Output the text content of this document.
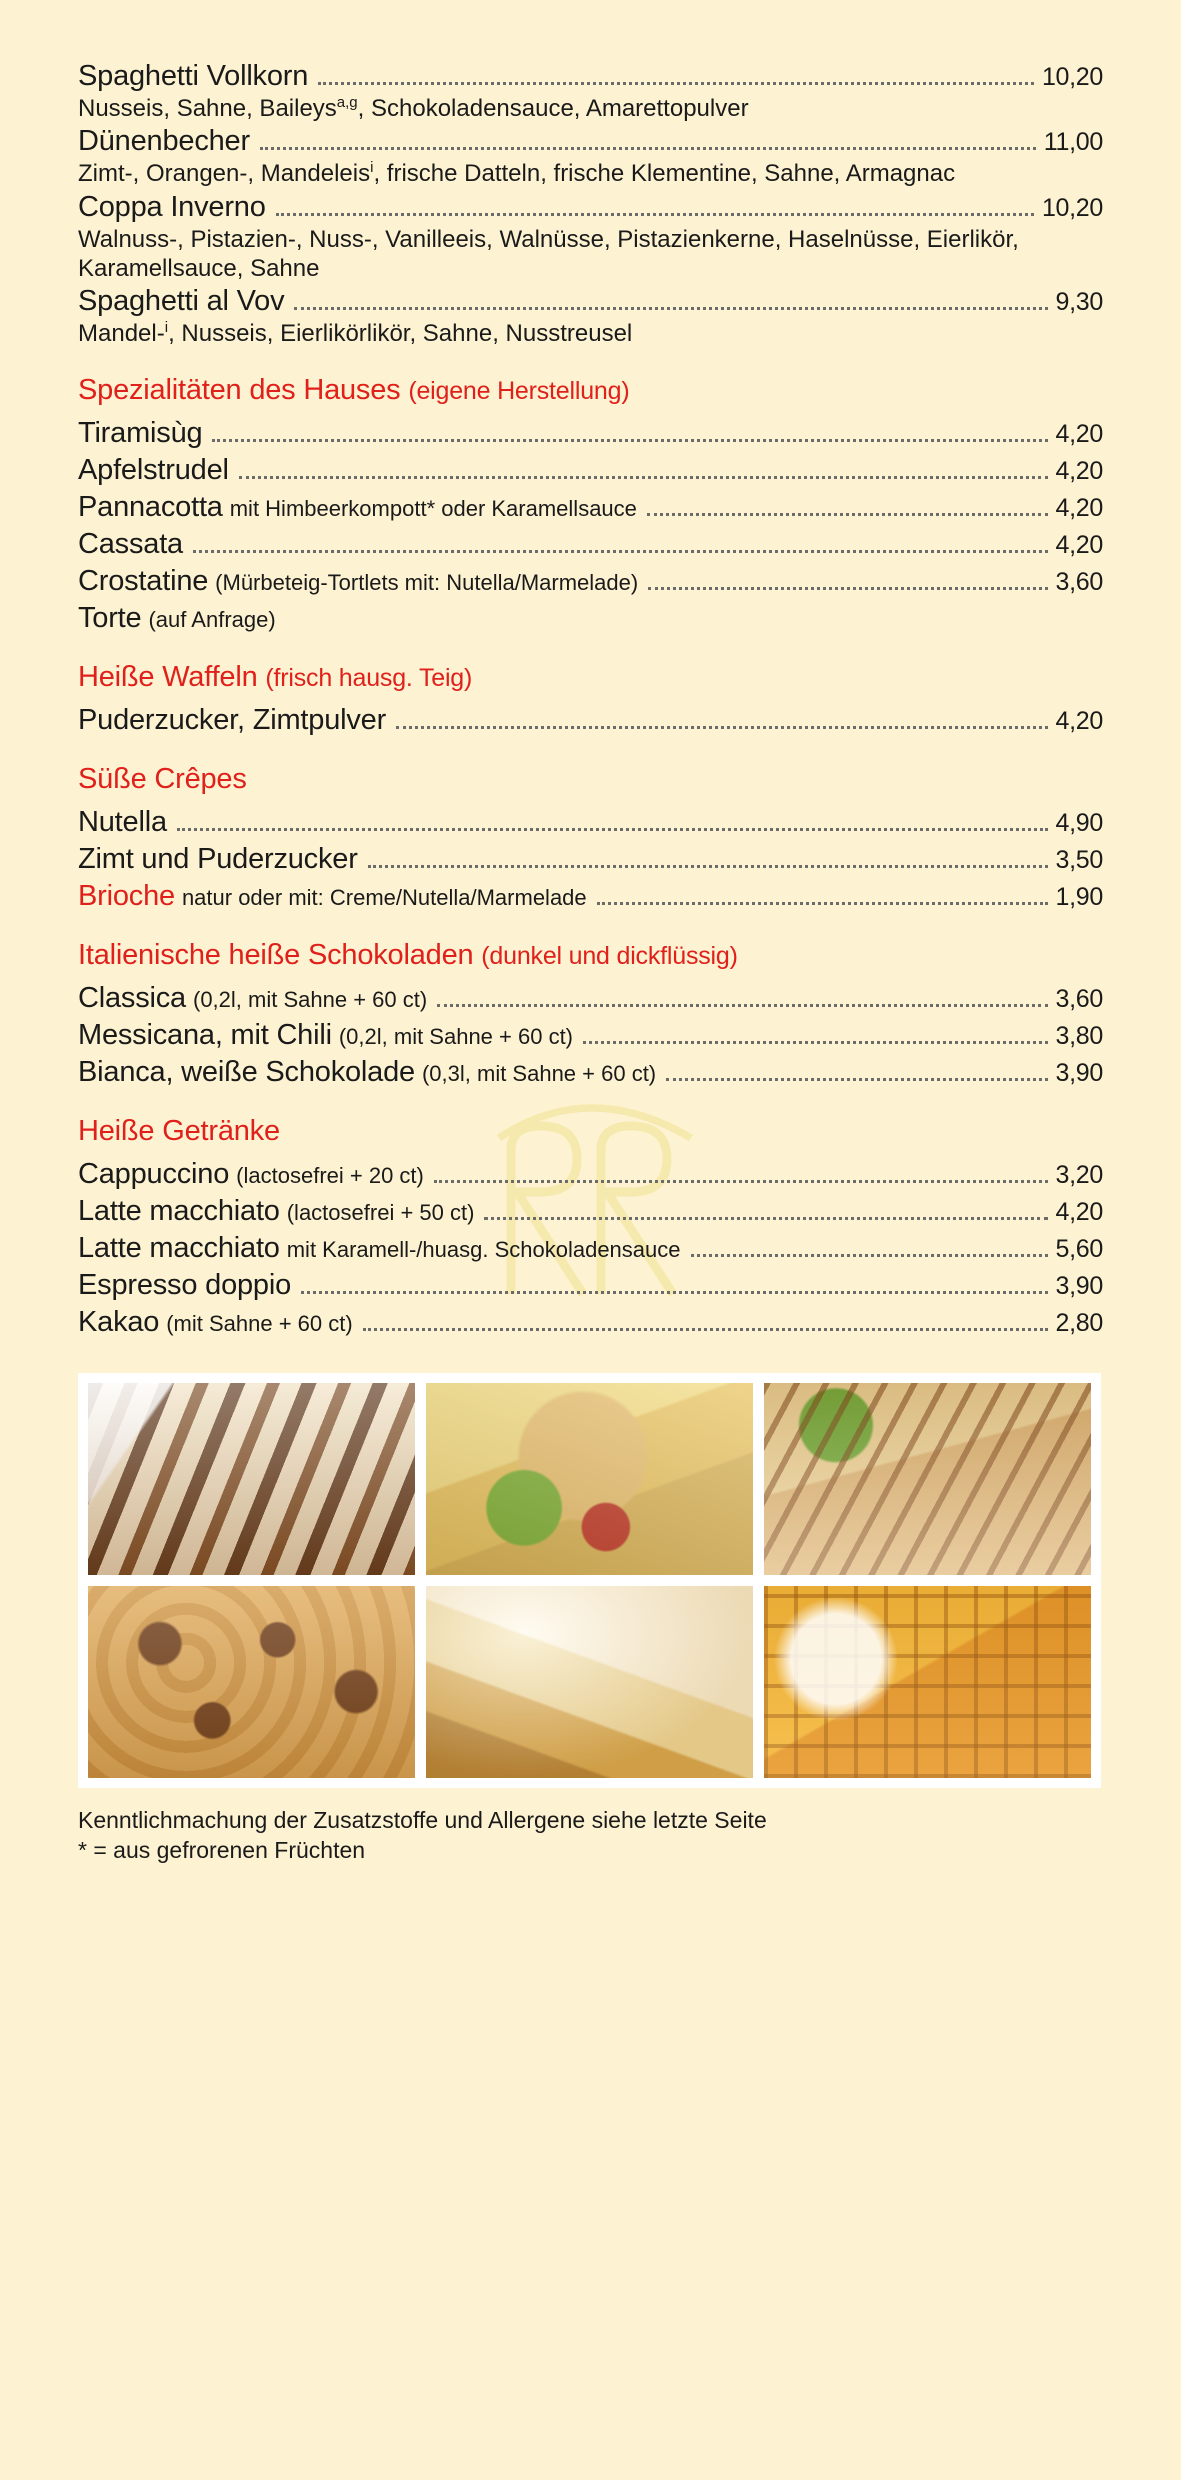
Spaghetti Vollkorn	10,20
Nusseis, Sahne, Baileys$^{a,g}$, Schokoladensauce, Amarettopulver
Dünenbecher	11,00
Zimt-, Orangen-, Mandeleis$^i$, frische Datteln, frische Klementine, Sahne, Armagnac
Coppa Inverno	10,20
Walnuss-, Pistazien-, Nuss-, Vanilleeis, Walnüsse, Pistazienkerne, Haselnüsse, Eierlikör, Karamellsauce, Sahne
Spaghetti al Vov	9,30
Mandel-$^i$, Nusseis, Eierlikörlikör, Sahne, Nusstreusel
Spezialitäten des Hauses (eigene Herstellung)
Tiramisù g	4,20
Apfelstrudel	4,20
Pannacotta mit Himbeerkompott* oder Karamellsauce	4,20
Cassata	4,20
Crostatine (Mürbeteig-Tortlets mit: Nutella/Marmelade)	3,60
Torte (auf Anfrage)
Heiße Waffeln (frisch hausg. Teig)
Puderzucker, Zimtpulver	4,20
Süße Crêpes
Nutella	4,90
Zimt und Puderzucker	3,50
Brioche natur oder mit: Creme/Nutella/Marmelade	1,90
Italienische heiße Schokoladen (dunkel und dickflüssig)
Classica (0,2l, mit Sahne + 60 ct)	3,60
Messicana, mit Chili (0,2l, mit Sahne + 60 ct)	3,80
Bianca, weiße Schokolade (0,3l, mit Sahne + 60 ct)	3,90
Heiße Getränke
Cappuccino (lactosefrei + 20 ct)	3,20
Latte macchiato (lactosefrei + 50 ct)	4,20
Latte macchiato mit Karamell-/huasg. Schokoladensauce	5,60
Espresso doppio	3,90
Kakao (mit Sahne + 60 ct)	2,80
Kenntlichmachung der Zusatzstoffe und Allergene siehe letzte Seite
* = aus gefrorenen Früchten
